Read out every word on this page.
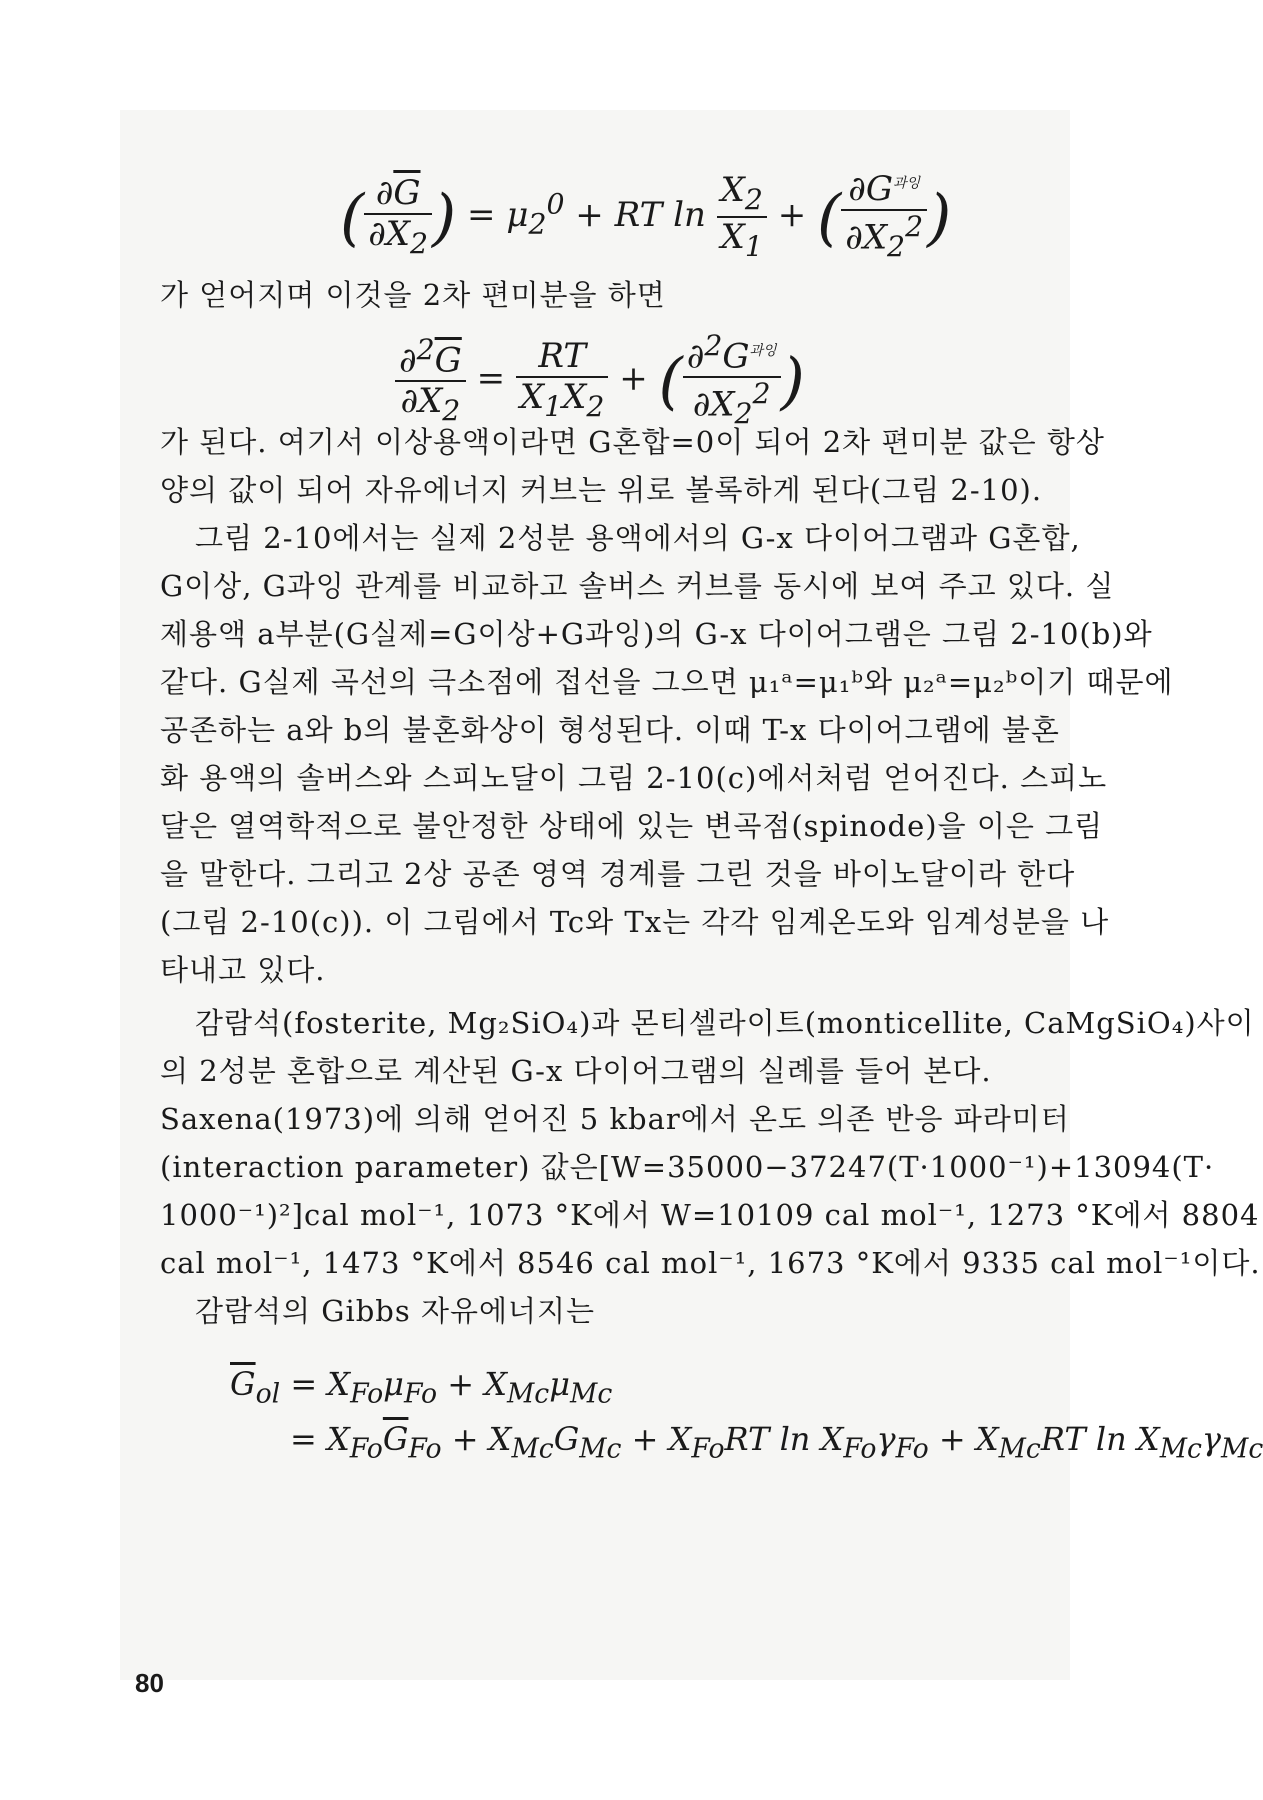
( $\frac{\partial\overline{G}}{\partial X_2}$ ) = $\mu_2^0$ + RT $\ln \frac{X_2}{X_1}$ + ( $\frac{\partial G^{과잉}}{\partial X_2^2}$ )
가 얻어지며 이것을 2차 편미분을 하면
$\frac{\partial^2\overline{G}}{\partial X_2} = \frac{RT}{X_1X_2}$ + ( $\frac{\partial^2G^{과잉}}{\partial X_2^2}$ )
가 된다. 여기서 이상용액이라면 G혼합=0이 되어 2차 편미분 값은 항상
양의 값이 되어 자유에너지 커브는 위로 볼록하게 된다(그림 2-10).
그림 2-10에서는 실제 2성분 용액에서의 G-x 다이어그램과 G혼합,
G이상, G과잉 관계를 비교하고 솔버스 커브를 동시에 보여 주고 있다. 실
제용액 a부분(G실제=G이상+G과잉)의 G-x 다이어그램은 그림 2-10(b)와
같다. G실제 곡선의 극소점에 접선을 그으면 μ₁ᵃ=μ₁ᵇ와 μ₂ᵃ=μ₂ᵇ이기 때문에
공존하는 a와 b의 불혼화상이 형성된다. 이때 T-x 다이어그램에 불혼
화 용액의 솔버스와 스피노달이 그림 2-10(c)에서처럼 얻어진다. 스피노
달은 열역학적으로 불안정한 상태에 있는 변곡점(spinode)을 이은 그림
을 말한다. 그리고 2상 공존 영역 경계를 그린 것을 바이노달이라 한다
(그림 2-10(c)). 이 그림에서 Tc와 Tx는 각각 임계온도와 임계성분을 나
타내고 있다.
감람석(fosterite, Mg₂SiO₄)과 몬티셀라이트(monticellite, CaMgSiO₄)사이
의 2성분 혼합으로 계산된 G-x 다이어그램의 실례를 들어 본다.
Saxena(1973)에 의해 얻어진 5 kbar에서 온도 의존 반응 파라미터
(interaction parameter) 값은[W=35000−37247(T·1000⁻¹)+13094(T·
1000⁻¹)²]cal mol⁻¹, 1073 °K에서 W=10109 cal mol⁻¹, 1273 °K에서 8804
cal mol⁻¹, 1473 °K에서 8546 cal mol⁻¹, 1673 °K에서 9335 cal mol⁻¹이다.
감람석의 Gibbs 자유에너지는
$\overline{G}_{ol} = X_{Fo}\mu_{Fo} + X_{Mc}\mu_{Mc}$
= $X_{Fo}\overline{G}_{Fo} + X_{Mc}G_{Mc} + X_{Fo}RT$ $\ln X_{Fo}\gamma_{Fo} + X_{Mc}RT$ $\ln X_{Mc}\gamma_{Mc}$
80
